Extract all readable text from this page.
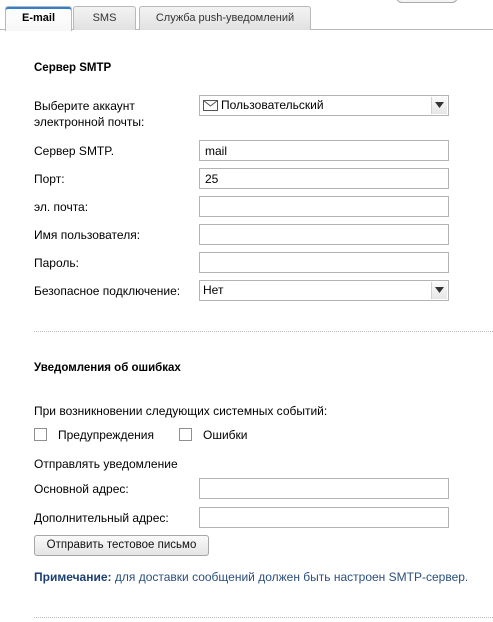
E-mail	SMS	Служба push-уведомлений
Сервер SMTP
Выберите аккаунт
электронной почты:
Пользовательский
Сервер SMTP.
mail
Порт:
25
эл. почта:
Имя пользователя:
Пароль:
Безопасное подключение:	Нет
Уведомления об ошибках
При возникновении следующих системных событий:
Предупреждения	Ошибки
Отправлять уведомление
Основной адрес:
Дополнительный адрес:
Отправить тестовое письмо
Примечание: для доставки сообщений должен быть настроен SMTP-сервер.
